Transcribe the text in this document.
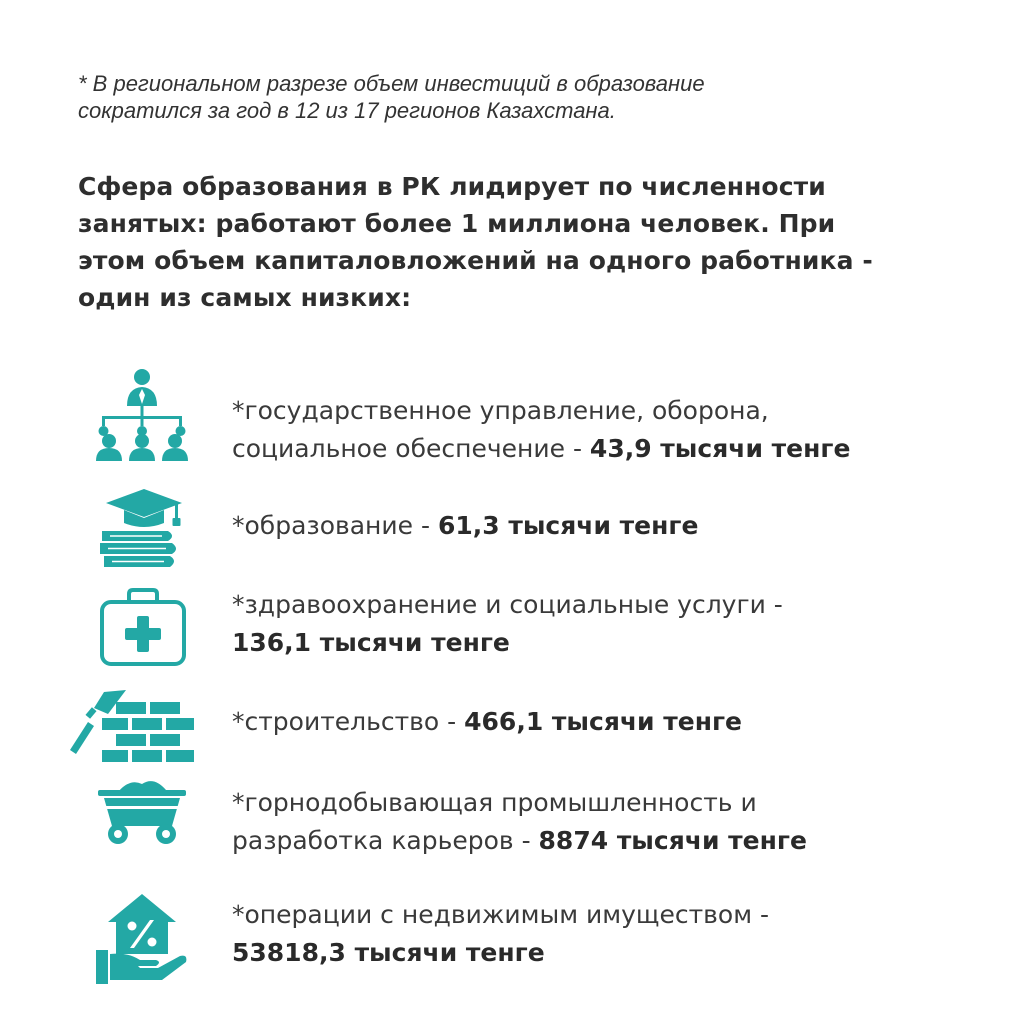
* В региональном разрезе объем инвестиций в образование
сократился за год в 12 из 17 регионов Казахстана.
Сфера образования в РК лидирует по численности
занятых: работают более 1 миллиона человек. При
этом объем капиталовложений на одного работника -
один из самых низких:
*государственное управление, оборона,
социальное обеспечение - 43,9 тысячи тенге
*образование - 61,3 тысячи тенге
*здравоохранение и социальные услуги -
136,1 тысячи тенге
*строительство - 466,1 тысячи тенге
*горнодобывающая промышленность и
разработка карьеров - 8874 тысячи тенге
*операции с недвижимым имуществом -
53818,3 тысячи тенге
